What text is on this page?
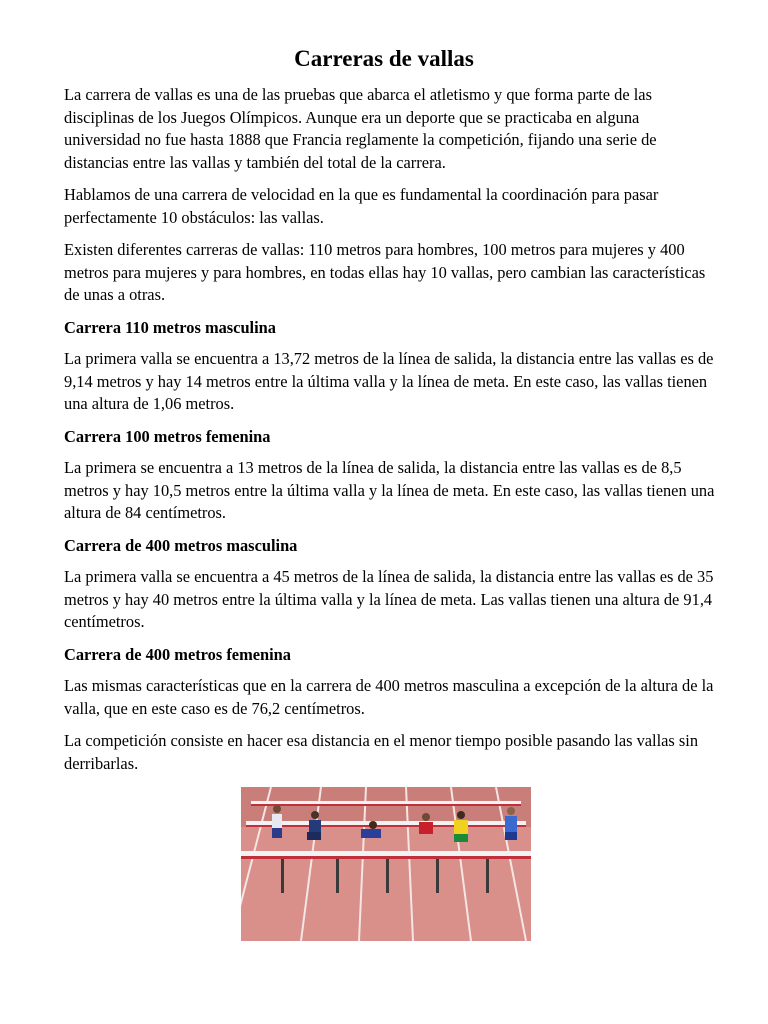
Carreras de vallas

La carrera de vallas es una de las pruebas que abarca el atletismo y que forma parte de las disciplinas de los Juegos Olímpicos. Aunque era un deporte que se practicaba en alguna universidad no fue hasta 1888 que Francia reglamente la competición, fijando una serie de distancias entre las vallas y también del total de la carrera.

Hablamos de una carrera de velocidad en la que es fundamental la coordinación para pasar perfectamente 10 obstáculos: las vallas.

Existen diferentes carreras de vallas: 110 metros para hombres, 100 metros para mujeres y 400 metros para mujeres y para hombres, en todas ellas hay 10 vallas, pero cambian las características de unas a otras.

Carrera 110 metros masculina

La primera valla se encuentra a 13,72 metros de la línea de salida, la distancia entre las vallas es de 9,14 metros y hay 14 metros entre la última valla y la línea de meta. En este caso, las vallas tienen una altura de 1,06 metros.

Carrera 100 metros femenina

La primera se encuentra a 13 metros de la línea de salida, la distancia entre las vallas es de 8,5 metros y hay 10,5 metros entre la última valla y la línea de meta. En este caso, las vallas tienen una altura de 84 centímetros.

Carrera de 400 metros masculina

La primera valla se encuentra a 45 metros de la línea de salida, la distancia entre las vallas es de 35 metros y hay 40 metros entre la última valla y la línea de meta. Las vallas tienen una altura de 91,4 centímetros.

Carrera de 400 metros femenina

Las mismas características que en la carrera de 400 metros masculina a excepción de la altura de la valla, que en este caso es de 76,2 centímetros.

La competición consiste en hacer esa distancia en el menor tiempo posible pasando las vallas sin derribarlas.
